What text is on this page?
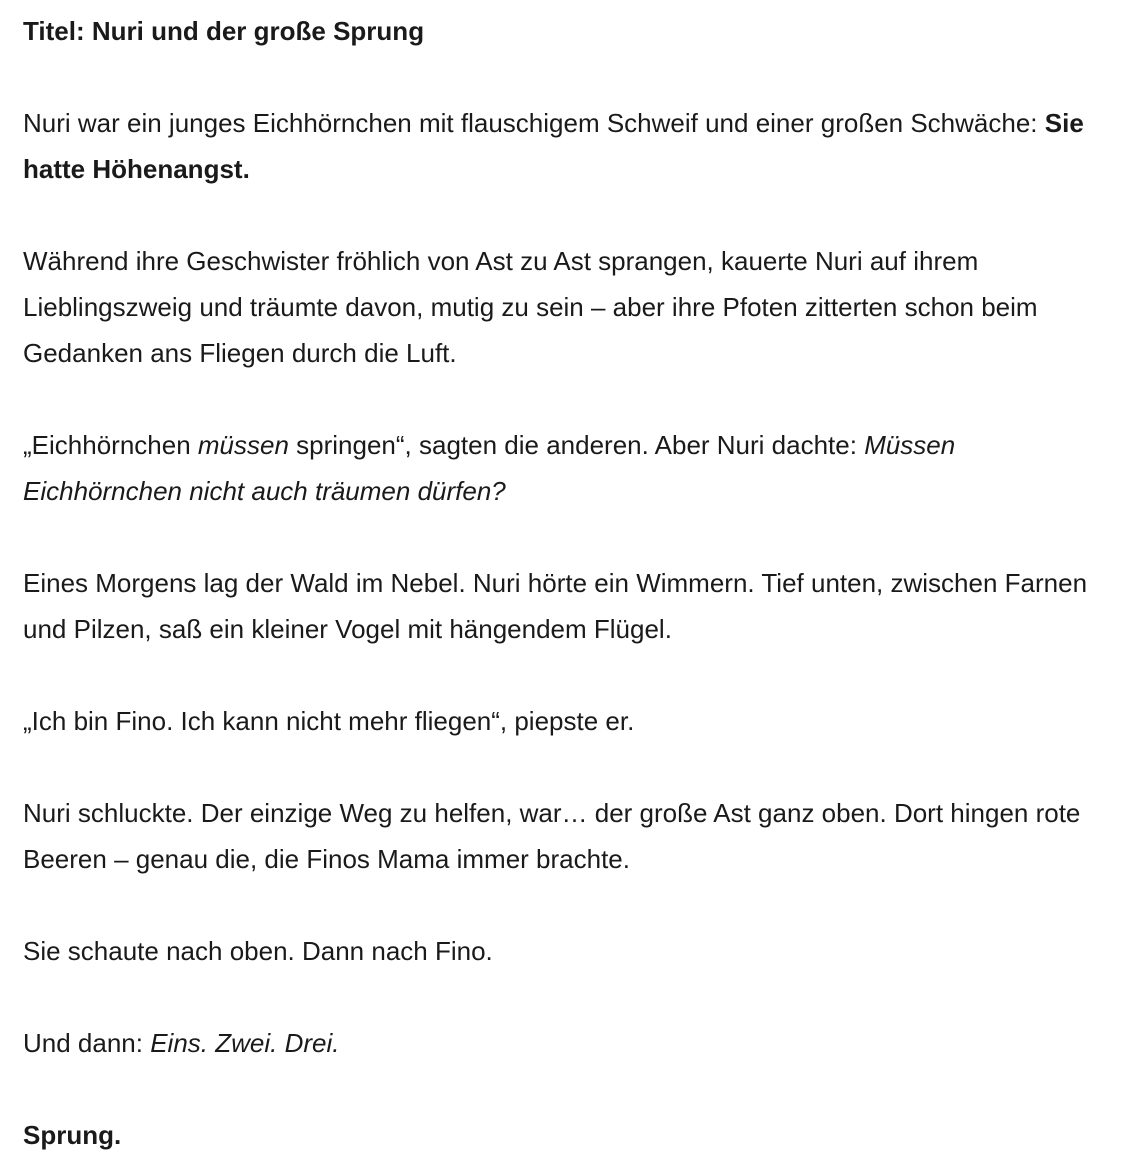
Titel: Nuri und der große Sprung

Nuri war ein junges Eichhörnchen mit flauschigem Schweif und einer großen Schwäche: Sie hatte Höhenangst.

Während ihre Geschwister fröhlich von Ast zu Ast sprangen, kauerte Nuri auf ihrem Lieblingszweig und träumte davon, mutig zu sein – aber ihre Pfoten zitterten schon beim Gedanken ans Fliegen durch die Luft.

„Eichhörnchen müssen springen“, sagten die anderen. Aber Nuri dachte: Müssen Eichhörnchen nicht auch träumen dürfen?

Eines Morgens lag der Wald im Nebel. Nuri hörte ein Wimmern. Tief unten, zwischen Farnen und Pilzen, saß ein kleiner Vogel mit hängendem Flügel.

„Ich bin Fino. Ich kann nicht mehr fliegen“, piepste er.

Nuri schluckte. Der einzige Weg zu helfen, war… der große Ast ganz oben. Dort hingen rote Beeren – genau die, die Finos Mama immer brachte.

Sie schaute nach oben. Dann nach Fino.

Und dann: Eins. Zwei. Drei.

Sprung.
